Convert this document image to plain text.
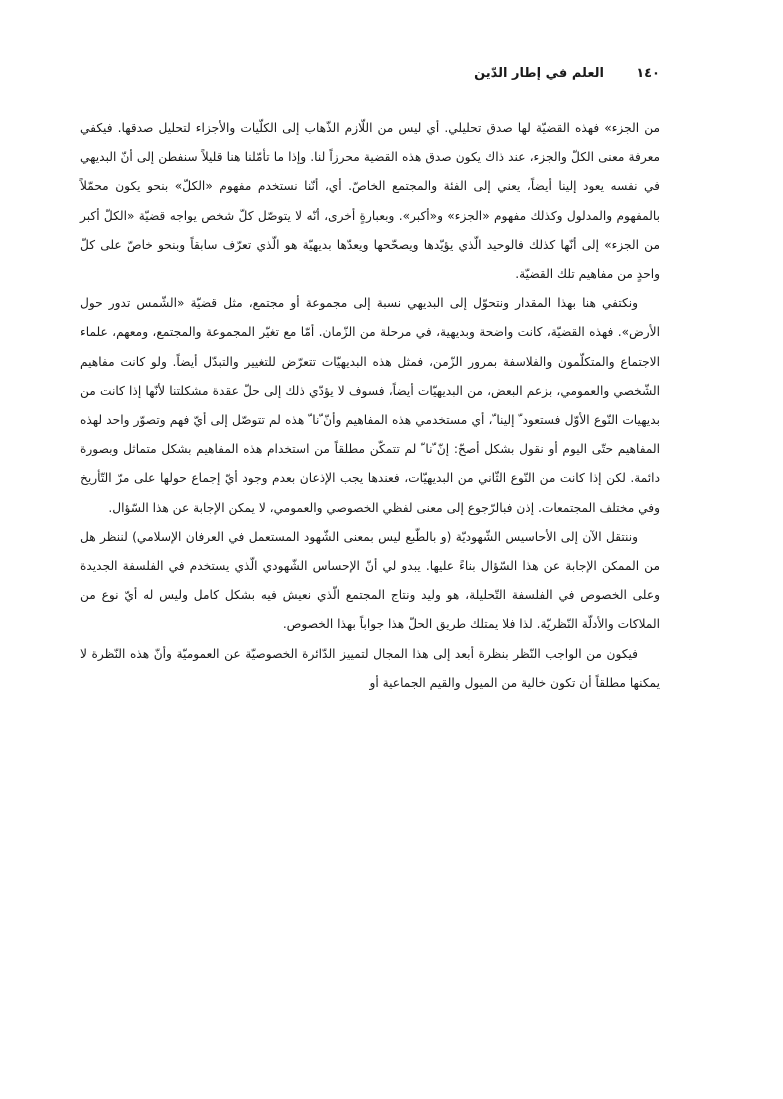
١٤٠
العلم في إطار الدّين

من الجزء» فهذه القضيّة لها صدق تحليلي. أي ليس من اللّازم الذّهاب إلى الكلّيات والأجزاء لتحليل صدقها. فيكفي معرفة معنى الكلّ والجزء، عند ذاك يكون صدق هذه القضية محرزاً لنا. وإذا ما تأمّلنا هنا قليلاً سنفطن إلى أنّ البديهي في نفسه يعود إلينا أيضاً، يعني إلى الفئة والمجتمع الخاصّ. أي، أنّنا نستخدم مفهوم «الكلّ» بنحو يكون محمّلاً بالمفهوم والمدلول وكذلك مفهوم «الجزء» و«أكبر». وبعبارةٍ أخرى، أنّه لا يتوصّل كلّ شخص يواجه قضيّة «الكلّ أكبر من الجزء» إلى أنّها كذلك فالوحيد الّذي يؤيّدها ويصحّحها ويعدّها بديهيّة هو الّذي تعرّف سابقاً وبنحو خاصّ على كلّ واحدٍ من مفاهيم تلك القضيّة.

ونكتفي هنا بهذا المقدار ونتحوّل إلى البديهي نسبة إلى مجموعة أو مجتمع، مثل قضيّة «الشّمس تدور حول الأرض». فهذه القضيّة، كانت واضحة وبديهية، في مرحلة من الزّمان. أمّا مع تغيّر المجموعة والمجتمع، ومعهم، علماء الاجتماع والمتكلّمون والفلاسفة بمرور الزّمن، فمثل هذه البديهيّات تتعرّض للتغيير والتبدّل أيضاً. ولو كانت مفاهيم الشّخصي والعمومي، بزعم البعض، من البديهيّات أيضاً، فسوف لا يؤدّي ذلك إلى حلّ عقدة مشكلتنا لأنّها إذا كانت من بديهيات النّوع الأوّل فستعود ّ إلينا ّ، أي مستخدمي هذه المفاهيم وأنّ ّنا ّ هذه لم تتوصّل إلى أيّ فهم وتصوّر واحد لهذه المفاهيم حتّى اليوم أو نقول بشكل أصحّ: إنّ ّنا ّ لم تتمكّن مطلقاً من استخدام هذه المفاهيم بشكل متماثل وبصورة دائمة. لكن إذا كانت من النّوع الثّاني من البديهيّات، فعندها يجب الإذعان بعدم وجود أيّ إجماع حولها على مرّ التّأريخ وفي مختلف المجتمعات. إذن فبالرّجوع إلى معنى لفظي الخصوصي والعمومي، لا يمكن الإجابة عن هذا السّؤال.

وننتقل الآن إلى الأحاسيس الشّهوديّة (و بالطّبع ليس بمعنى الشّهود المستعمل في العرفان الإسلامي) لننظر هل من الممكن الإجابة عن هذا السّؤال بناءً عليها. يبدو لي أنّ الإحساس الشّهودي الّذي يستخدم في الفلسفة الجديدة وعلى الخصوص في الفلسفة التّحليلة، هو وليد ونتاج المجتمع الّذي نعيش فيه بشكل كامل وليس له أيّ نوع من الملاكات والأدلّة النّظريّة. لذا فلا يمتلك طريق الحلّ هذا جواباً بهذا الخصوص.

فيكون من الواجب النّظر بنظرة أبعد إلى هذا المجال لتمييز الدّائرة الخصوصيّة عن العموميّة وأنّ هذه النّظرة لا يمكنها مطلقاً أن تكون خالية من الميول والقيم الجماعية أو
